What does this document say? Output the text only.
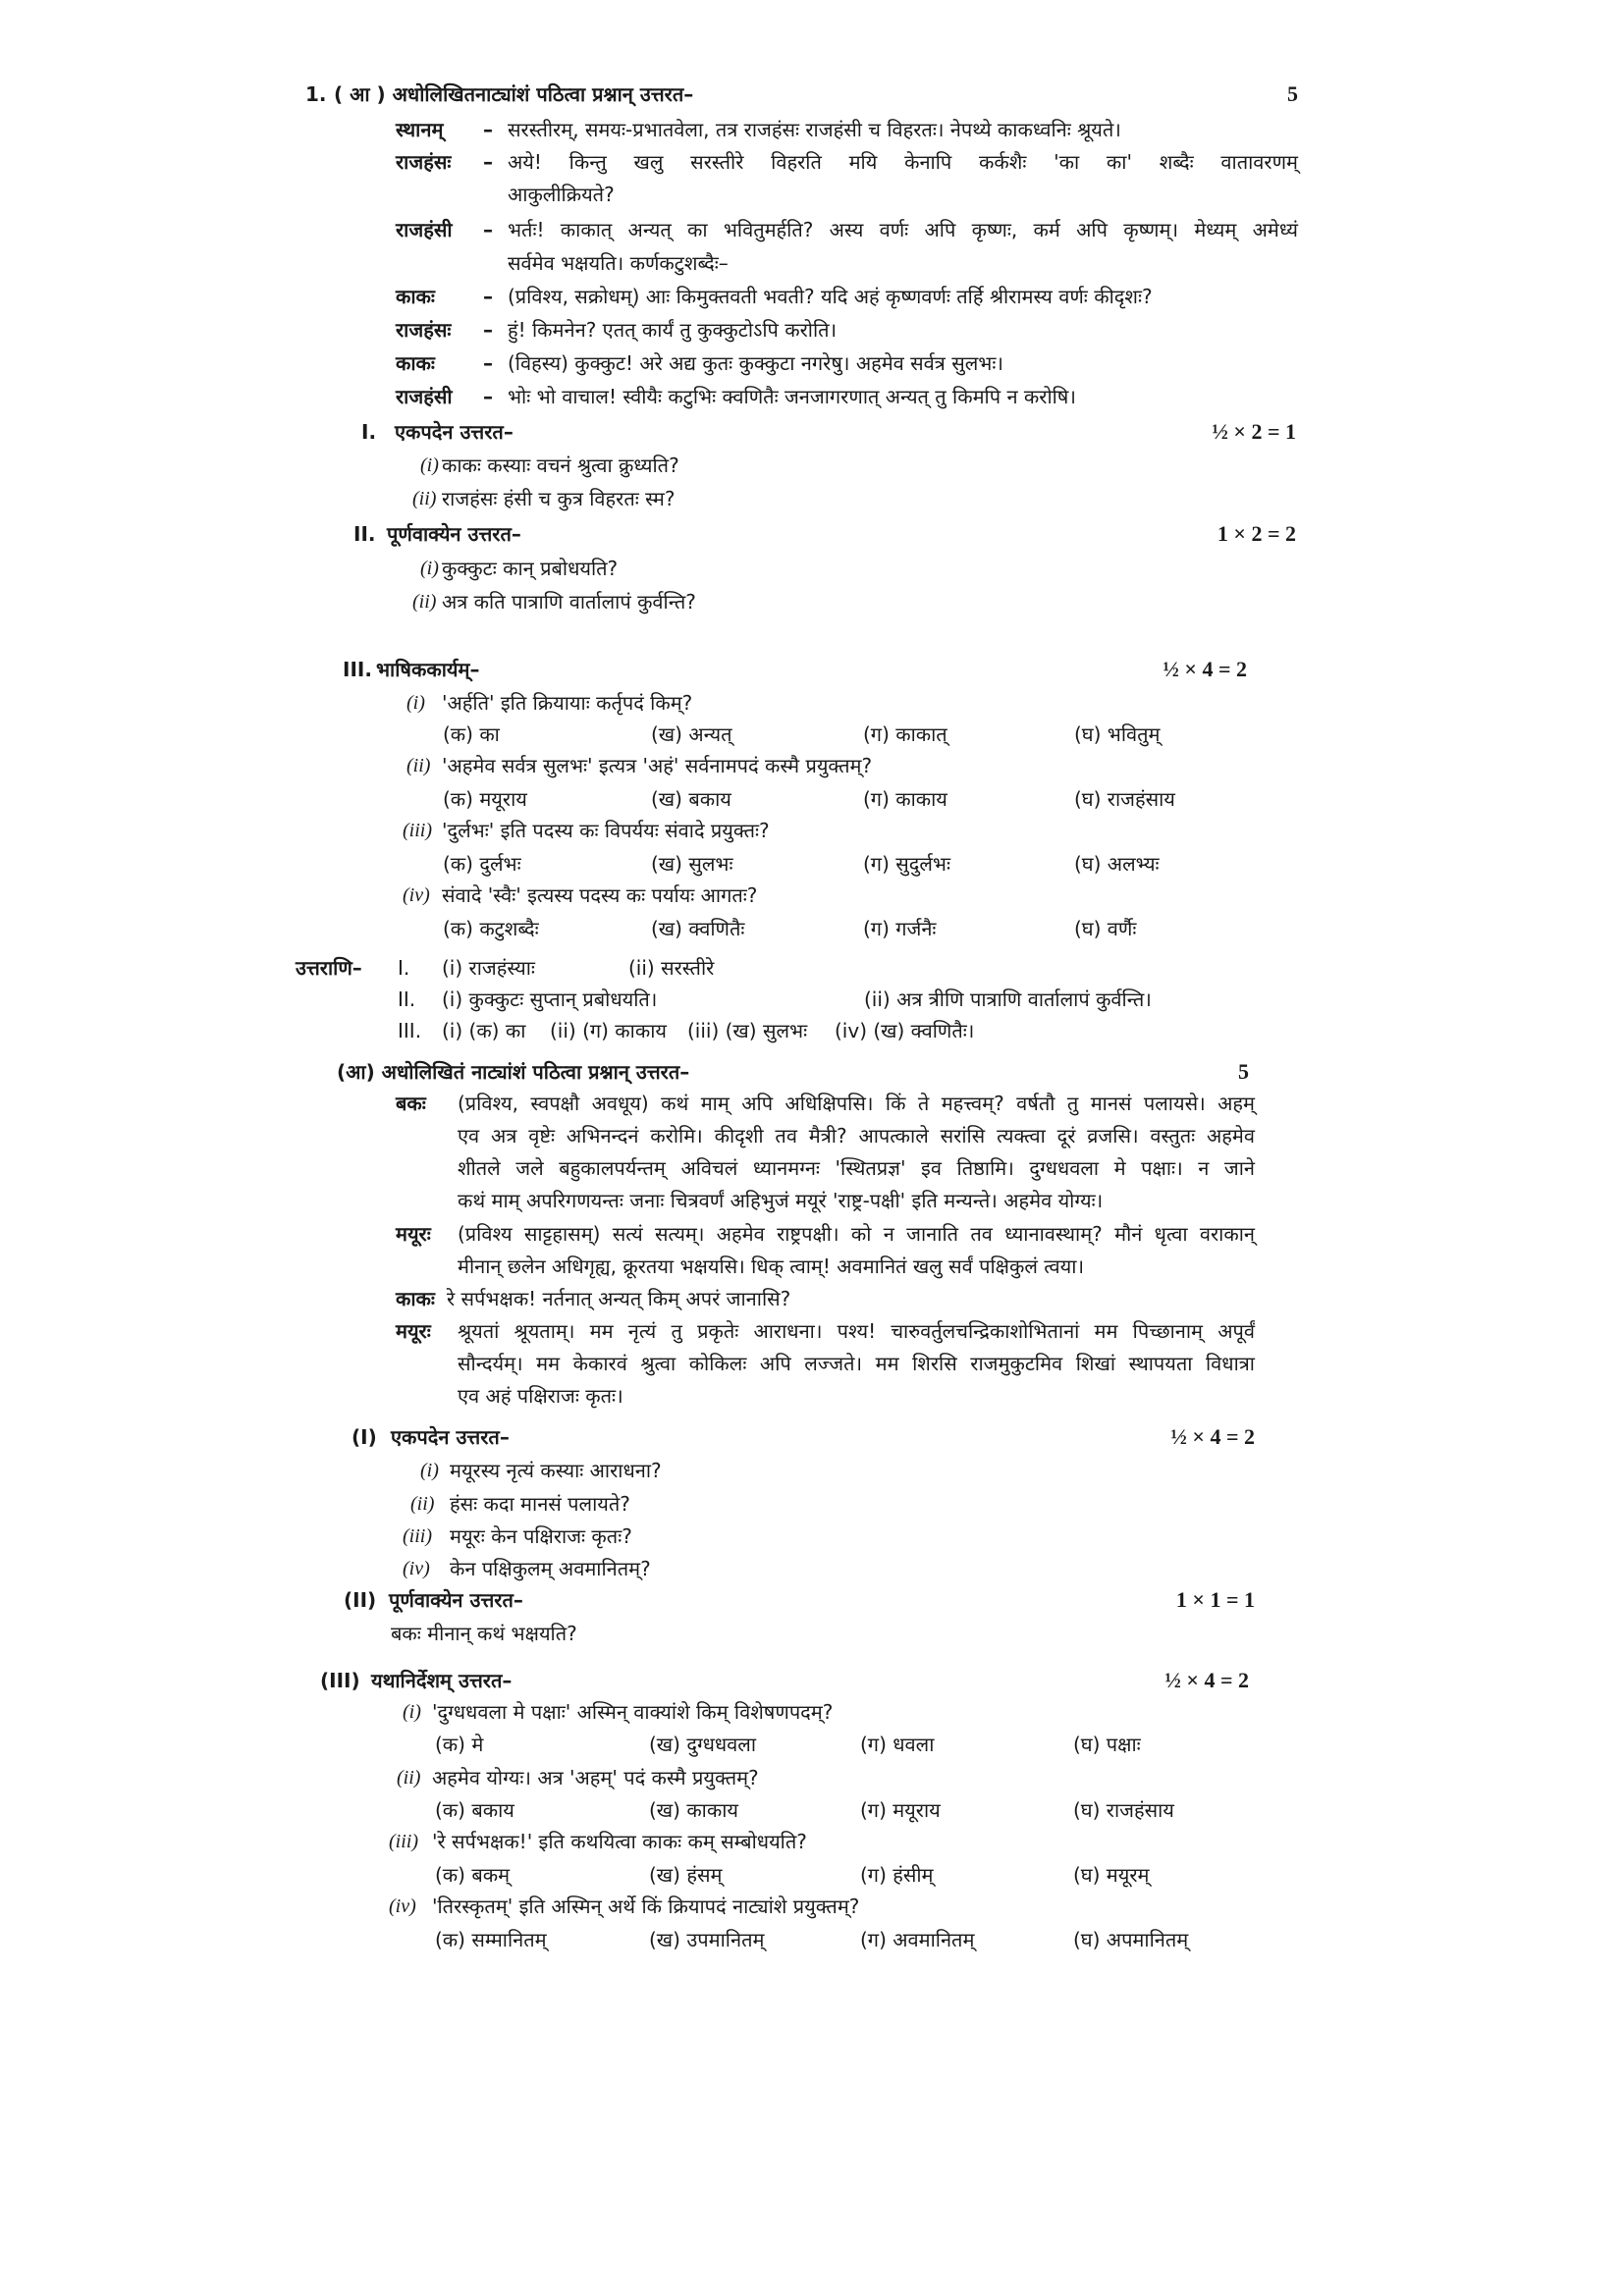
1. ( आ ) अधोलिखितनाट्यांशं पठित्वा प्रश्नान् उत्तरत–	5
स्थानम् – सरस्तीरम्, समयः-प्रभातवेला, तत्र राजहंसः राजहंसी च विहरतः। नेपथ्ये काकध्वनिः श्रूयते।
राजहंसः – अये! किन्तु खलु सरस्तीरे विहरति मयि केनापि कर्कशैः 'का का' शब्दैः वातावरणम्
आकुलीक्रियते?
राजहंसी – भर्तः! काकात् अन्यत् का भवितुमर्हति? अस्य वर्णः अपि कृष्णः, कर्म अपि कृष्णम्। मेध्यम् अमेध्यं
सर्वमेव भक्षयति। कर्णकटुशब्दैः–
काकः – (प्रविश्य, सक्रोधम्) आः किमुक्तवती भवती? यदि अहं कृष्णवर्णः तर्हि श्रीरामस्य वर्णः कीदृशः?
राजहंसः – हुं! किमनेन? एतत् कार्यं तु कुक्कुटोऽपि करोति।
काकः – (विहस्य) कुक्कुट! अरे अद्य कुतः कुक्कुटा नगरेषु। अहमेव सर्वत्र सुलभः।
राजहंसी – भोः भो वाचाल! स्वीयैः कटुभिः क्वणितैः जनजागरणात् अन्यत् तु किमपि न करोषि।
I. एकपदेन उत्तरत–	½ × 2 = 1
(i) काकः कस्याः वचनं श्रुत्वा क्रुध्यति?
(ii) राजहंसः हंसी च कुत्र विहरतः स्म?
II. पूर्णवाक्येन उत्तरत–	1 × 2 = 2
(i) कुक्कुटः कान् प्रबोधयति?
(ii) अत्र कति पात्राणि वार्तालापं कुर्वन्ति?
III. भाषिककार्यम्–	½ × 4 = 2
(i) 'अर्हति' इति क्रियायाः कर्तृपदं किम्?
(क) का	(ख) अन्यत्	(ग) काकात्	(घ) भवितुम्
(ii) 'अहमेव सर्वत्र सुलभः' इत्यत्र 'अहं' सर्वनामपदं कस्मै प्रयुक्तम्?
(क) मयूराय	(ख) बकाय	(ग) काकाय	(घ) राजहंसाय
(iii) 'दुर्लभः' इति पदस्य कः विपर्ययः संवादे प्रयुक्तः?
(क) दुर्लभः	(ख) सुलभः	(ग) सुदुर्लभः	(घ) अलभ्यः
(iv) संवादे 'स्वैः' इत्यस्य पदस्य कः पर्यायः आगतः?
(क) कटुशब्दैः	(ख) क्वणितैः	(ग) गर्जनैः	(घ) वर्णैः
उत्तराणि– I. (i) राजहंस्याः	(ii) सरस्तीरे
II. (i) कुक्कुटः सुप्तान् प्रबोधयति।	(ii) अत्र त्रीणि पात्राणि वार्तालापं कुर्वन्ति।
III. (i) (क) का (ii) (ग) काकाय (iii) (ख) सुलभः (iv) (ख) क्वणितैः।
(आ) अधोलिखितं नाट्यांशं पठित्वा प्रश्नान् उत्तरत–	5
बकः (प्रविश्य, स्वपक्षौ अवधूय) कथं माम् अपि अधिक्षिपसि। किं ते महत्त्वम्? वर्षतौ तु मानसं पलायसे। अहम्
एव अत्र वृष्टेः अभिनन्दनं करोमि। कीदृशी तव मैत्री? आपत्काले सरांसि त्यक्त्वा दूरं व्रजसि। वस्तुतः अहमेव
शीतले जले बहुकालपर्यन्तम् अविचलं ध्यानमग्नः 'स्थितप्रज्ञ' इव तिष्ठामि। दुग्धधवला मे पक्षाः। न जाने
कथं माम् अपरिगणयन्तः जनाः चित्रवर्णं अहिभुजं मयूरं 'राष्ट्र-पक्षी' इति मन्यन्ते। अहमेव योग्यः।
मयूरः (प्रविश्य साट्टहासम्) सत्यं सत्यम्। अहमेव राष्ट्रपक्षी। को न जानाति तव ध्यानावस्थाम्? मौनं धृत्वा वराकान्
मीनान् छलेन अधिगृह्य, क्रूरतया भक्षयसि। धिक् त्वाम्! अवमानितं खलु सर्वं पक्षिकुलं त्वया।
काकः रे सर्पभक्षक! नर्तनात् अन्यत् किम् अपरं जानासि?
मयूरः श्रूयतां श्रूयताम्। मम नृत्यं तु प्रकृतेः आराधना। पश्य! चारुवर्तुलचन्द्रिकाशोभितानां मम पिच्छानाम् अपूर्वं
सौन्दर्यम्। मम केकारवं श्रुत्वा कोकिलः अपि लज्जते। मम शिरसि राजमुकुटमिव शिखां स्थापयता विधात्रा
एव अहं पक्षिराजः कृतः।
(I) एकपदेन उत्तरत–	½ × 4 = 2
(i) मयूरस्य नृत्यं कस्याः आराधना?
(ii) हंसः कदा मानसं पलायते?
(iii) मयूरः केन पक्षिराजः कृतः?
(iv) केन पक्षिकुलम् अवमानितम्?
(II) पूर्णवाक्येन उत्तरत–	1 × 1 = 1
बकः मीनान् कथं भक्षयति?
(III) यथानिर्देशम् उत्तरत–	½ × 4 = 2
(i) 'दुग्धधवला मे पक्षाः' अस्मिन् वाक्यांशे किम् विशेषणपदम्?
(क) मे	(ख) दुग्धधवला	(ग) धवला	(घ) पक्षाः
(ii) अहमेव योग्यः। अत्र 'अहम्' पदं कस्मै प्रयुक्तम्?
(क) बकाय	(ख) काकाय	(ग) मयूराय	(घ) राजहंसाय
(iii) 'रे सर्पभक्षक!' इति कथयित्वा काकः कम् सम्बोधयति?
(क) बकम्	(ख) हंसम्	(ग) हंसीम्	(घ) मयूरम्
(iv) 'तिरस्कृतम्' इति अस्मिन् अर्थे किं क्रियापदं नाट्यांशे प्रयुक्तम्?
(क) सम्मानितम्	(ख) उपमानितम्	(ग) अवमानितम्	(घ) अपमानितम्
